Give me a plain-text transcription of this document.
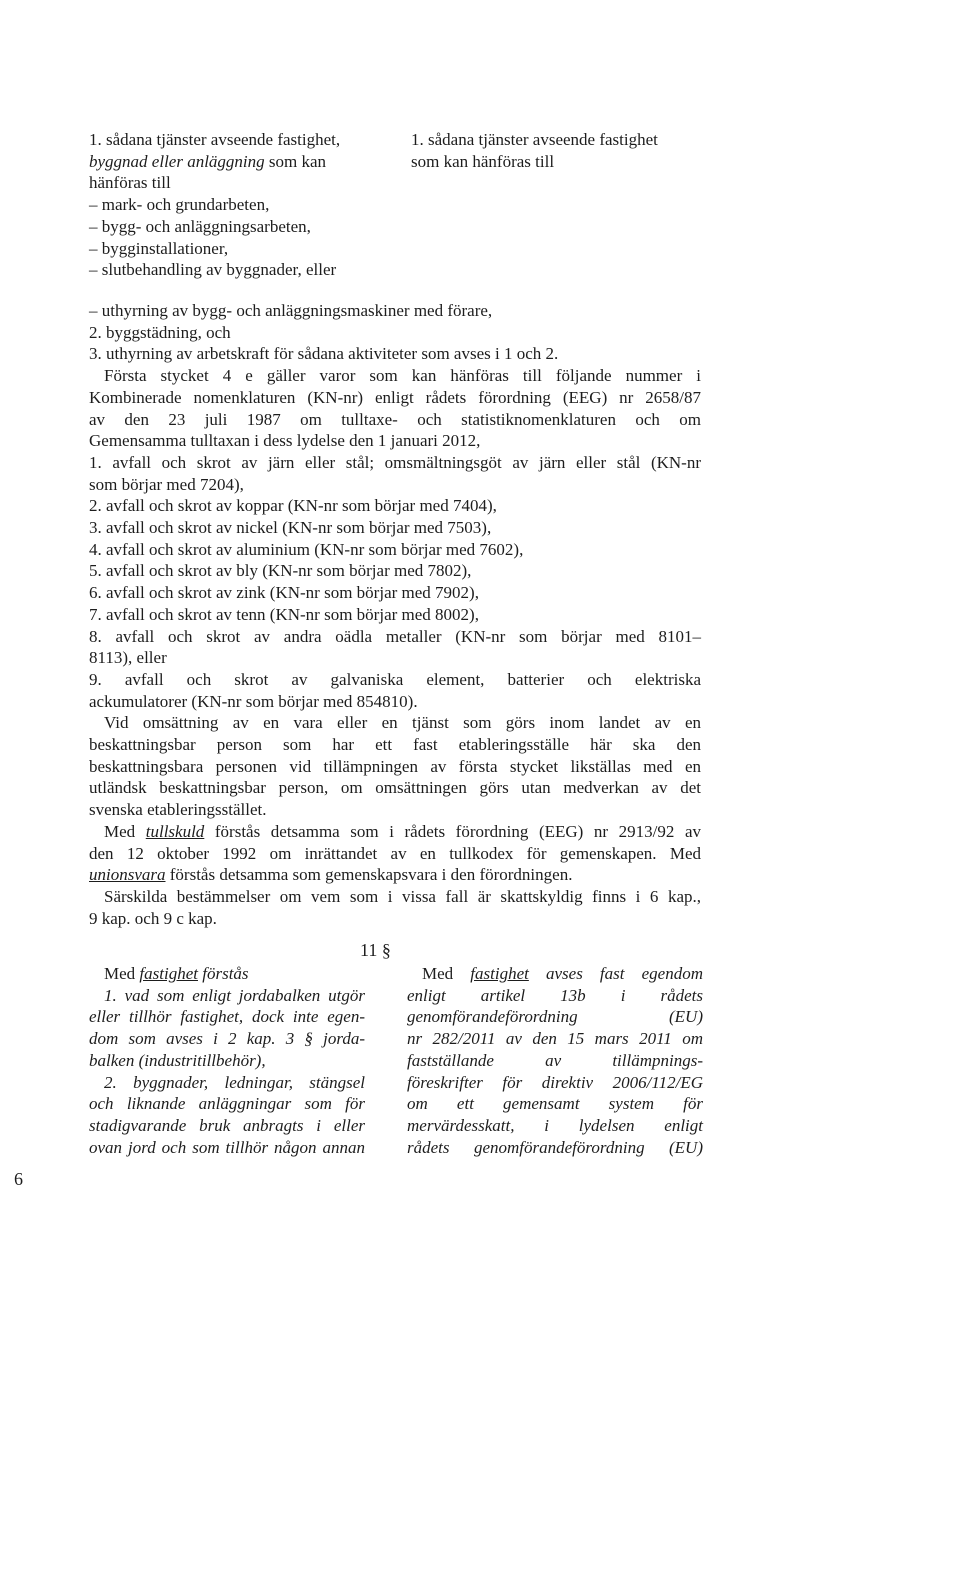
1. sådana tjänster avseende fastighet,
byggnad eller anläggning som kan
hänföras till
– mark- och grundarbeten,
– bygg- och anläggningsarbeten,
– bygginstallationer,
– slutbehandling av byggnader, eller
1. sådana tjänster avseende fastighet
som kan hänföras till
– uthyrning av bygg- och anläggningsmaskiner med förare,
2. byggstädning, och
3. uthyrning av arbetskraft för sådana aktiviteter som avses i 1 och 2.
Första stycket 4 e gäller varor som kan hänföras till följande nummer i
Kombinerade nomenklaturen (KN-nr) enligt rådets förordning (EEG) nr 2658/87
av den 23 juli 1987 om tulltaxe- och statistiknomenklaturen och om
Gemensamma tulltaxan i dess lydelse den 1 januari 2012,
1. avfall och skrot av järn eller stål; omsmältningsgöt av järn eller stål (KN-nr
som börjar med 7204),
2. avfall och skrot av koppar (KN-nr som börjar med 7404),
3. avfall och skrot av nickel (KN-nr som börjar med 7503),
4. avfall och skrot av aluminium (KN-nr som börjar med 7602),
5. avfall och skrot av bly (KN-nr som börjar med 7802),
6. avfall och skrot av zink (KN-nr som börjar med 7902),
7. avfall och skrot av tenn (KN-nr som börjar med 8002),
8. avfall och skrot av andra oädla metaller (KN-nr som börjar med 8101–
8113), eller
9. avfall och skrot av galvaniska element, batterier och elektriska
ackumulatorer (KN-nr som börjar med 854810).
Vid omsättning av en vara eller en tjänst som görs inom landet av en
beskattningsbar person som har ett fast etableringsställe här ska den
beskattningsbara personen vid tillämpningen av första stycket likställas med en
utländsk beskattningsbar person, om omsättningen görs utan medverkan av det
svenska etableringsstället.
Med tullskuld förstås detsamma som i rådets förordning (EEG) nr 2913/92 av
den 12 oktober 1992 om inrättandet av en tullkodex för gemenskapen. Med
unionsvara förstås detsamma som gemenskapsvara i den förordningen.
Särskilda bestämmelser om vem som i vissa fall är skattskyldig finns i 6 kap.,
9 kap. och 9 c kap.
11 §
Med fastighet förstås
1. vad som enligt jordabalken utgör
eller tillhör fastighet, dock inte egen-
dom som avses i 2 kap. 3 § jorda-
balken (industritillbehör),
2. byggnader, ledningar, stängsel
och liknande anläggningar som för
stadigvarande bruk anbragts i eller
ovan jord och som tillhör någon annan
Med fastighet avses fast egendom
enligt artikel 13b i rådets
genomförandeförordning (EU)
nr 282/2011 av den 15 mars 2011 om
fastställande av tillämpnings-
föreskrifter för direktiv 2006/112/EG
om ett gemensamt system för
mervärdesskatt, i lydelsen enligt
rådets genomförandeförordning (EU)
6
